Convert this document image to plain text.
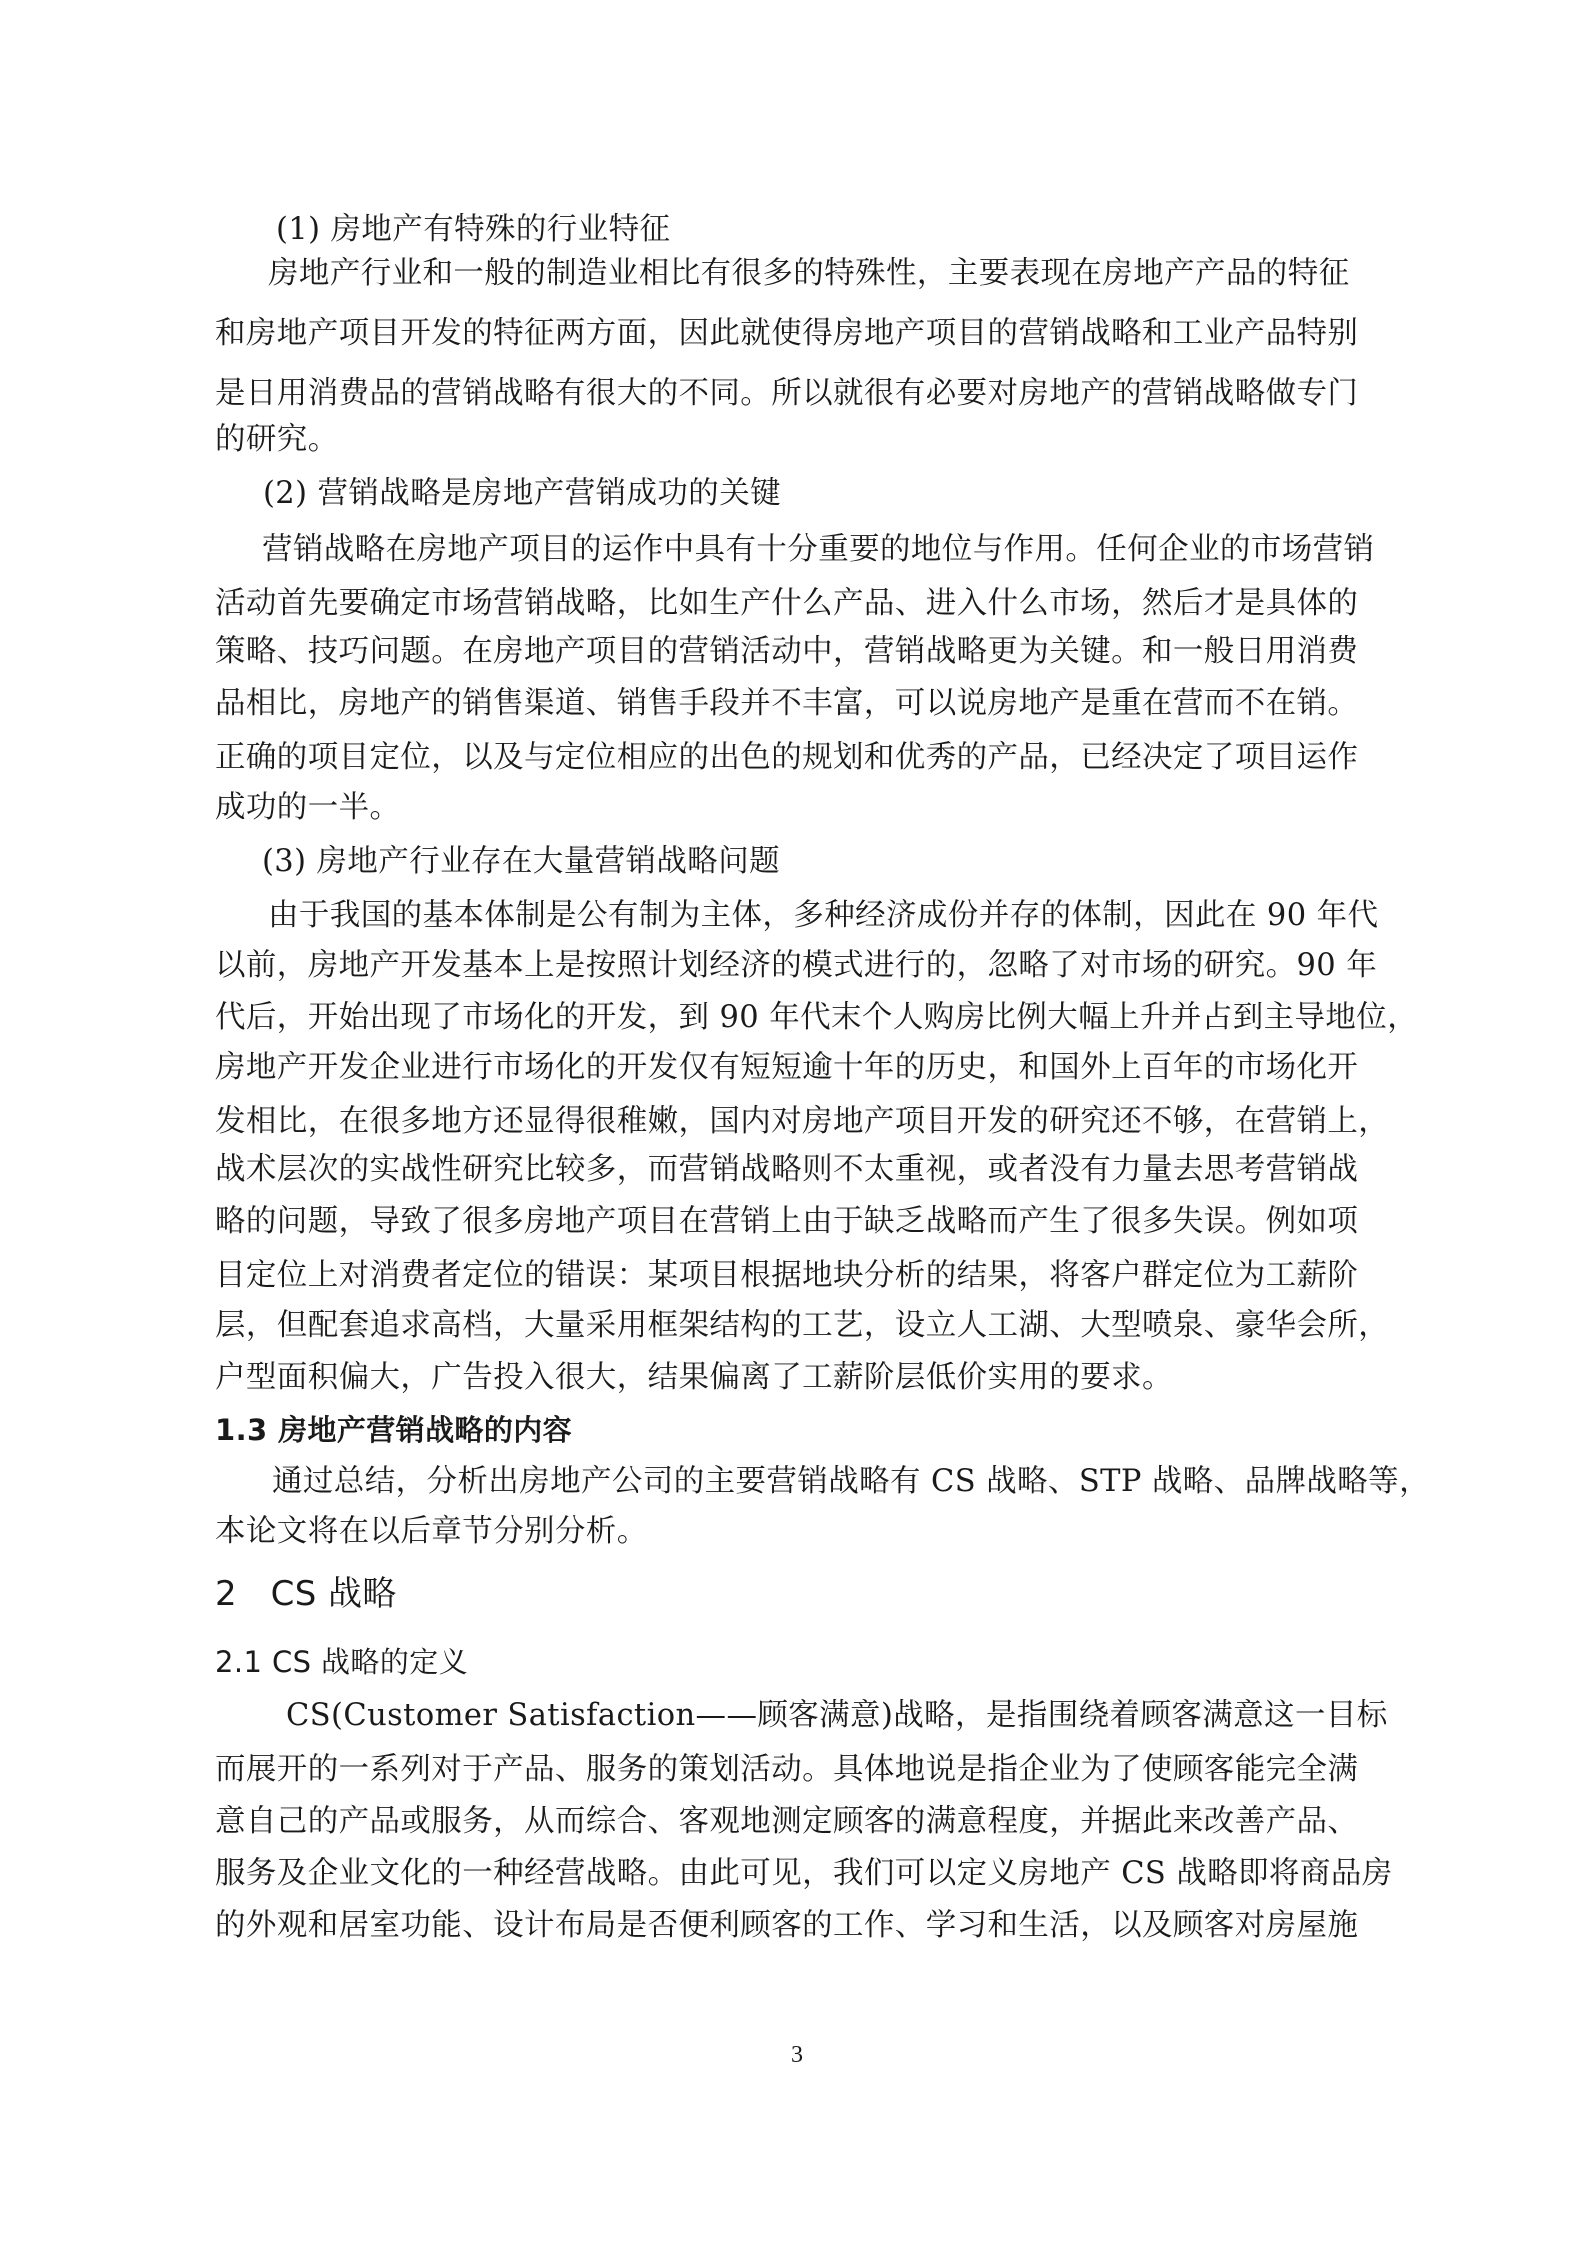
(1) 房地产有特殊的行业特征
房地产行业和一般的制造业相比有很多的特殊性，主要表现在房地产产品的特征
和房地产项目开发的特征两方面，因此就使得房地产项目的营销战略和工业产品特别
是日用消费品的营销战略有很大的不同。所以就很有必要对房地产的营销战略做专门
的研究。
(2) 营销战略是房地产营销成功的关键
营销战略在房地产项目的运作中具有十分重要的地位与作用。任何企业的市场营销
活动首先要确定市场营销战略，比如生产什么产品、进入什么市场，然后才是具体的
策略、技巧问题。在房地产项目的营销活动中，营销战略更为关键。和一般日用消费
品相比，房地产的销售渠道、销售手段并不丰富，可以说房地产是重在营而不在销。
正确的项目定位，以及与定位相应的出色的规划和优秀的产品，已经决定了项目运作
成功的一半。
(3) 房地产行业存在大量营销战略问题
由于我国的基本体制是公有制为主体，多种经济成份并存的体制，因此在 90 年代
以前，房地产开发基本上是按照计划经济的模式进行的，忽略了对市场的研究。90 年
代后，开始出现了市场化的开发，到 90 年代末个人购房比例大幅上升并占到主导地位，
房地产开发企业进行市场化的开发仅有短短逾十年的历史，和国外上百年的市场化开
发相比，在很多地方还显得很稚嫩，国内对房地产项目开发的研究还不够，在营销上，
战术层次的实战性研究比较多，而营销战略则不太重视，或者没有力量去思考营销战
略的问题，导致了很多房地产项目在营销上由于缺乏战略而产生了很多失误。例如项
目定位上对消费者定位的错误：某项目根据地块分析的结果，将客户群定位为工薪阶
层，但配套追求高档，大量采用框架结构的工艺，设立人工湖、大型喷泉、豪华会所，
户型面积偏大，广告投入很大，结果偏离了工薪阶层低价实用的要求。
1.3 房地产营销战略的内容
通过总结，分析出房地产公司的主要营销战略有 CS 战略、STP 战略、品牌战略等，
本论文将在以后章节分别分析。
2   CS 战略
2.1 CS 战略的定义
CS(Customer Satisfaction——顾客满意)战略，是指围绕着顾客满意这一目标
而展开的一系列对于产品、服务的策划活动。具体地说是指企业为了使顾客能完全满
意自己的产品或服务，从而综合、客观地测定顾客的满意程度，并据此来改善产品、
服务及企业文化的一种经营战略。由此可见，我们可以定义房地产 CS 战略即将商品房
的外观和居室功能、设计布局是否便利顾客的工作、学习和生活，以及顾客对房屋施
3
